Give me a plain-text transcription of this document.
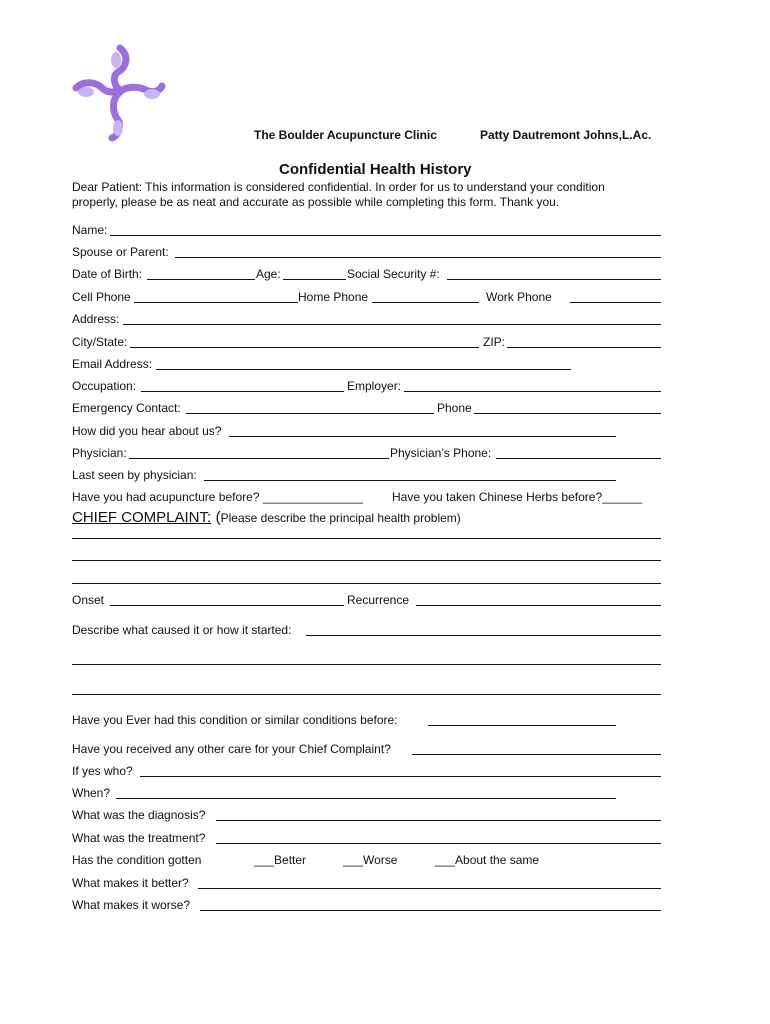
The Boulder Acupuncture Clinic	Patty Dautremont Johns,L.Ac.
Confidential Health History
Dear Patient: This information is considered confidential. In order for us to understand your condition
properly, please be as neat and accurate as possible while completing this form. Thank you.
Name:
Spouse or Parent:
Date of Birth:	Age:	Social Security #:
Cell Phone	Home Phone	Work Phone
Address:
City/State:	ZIP:
Email Address:
Occupation:	Employer:
Emergency Contact:	Phone
How did you hear about us?
Physician:	Physician’s Phone:
Last seen by physician:
Have you had acupuncture before? _______________ Have you taken Chinese Herbs before?______
CHIEF COMPLAINT: (Please describe the principal health problem)
Onset	Recurrence
Describe what caused it or how it started:
Have you Ever had this condition or similar conditions before:
Have you received any other care for your Chief Complaint?
If yes who?
When?
What was the diagnosis?
What was the treatment?
Has the condition gotten	___Better	___Worse	___About the same
What makes it better?
What makes it worse?
